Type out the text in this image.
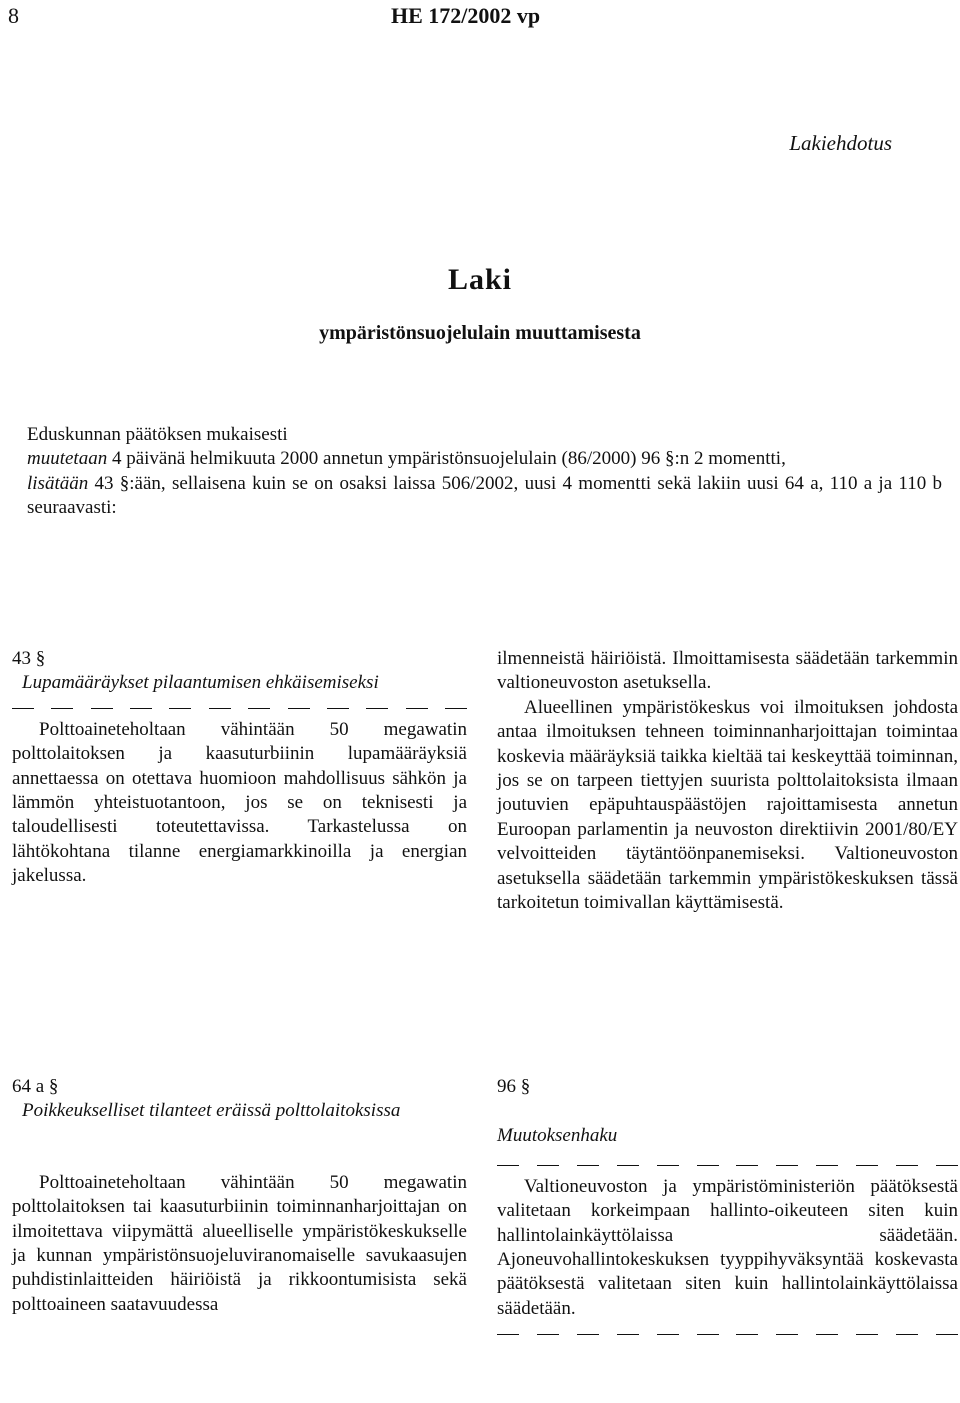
8	HE 172/2002 vp
Lakiehdotus
Laki
ympäristönsuojelulain muuttamisesta

Eduskunnan päätöksen mukaisesti

muutetaan 4 päivänä helmikuuta 2000 annetun ympäristönsuojelulain (86/2000) 96 §:n 2 momentti,

lisätään 43 §:ään, sellaisena kuin se on osaksi laissa 506/2002, uusi 4 momentti sekä lakiin uusi 64 a, 110 a ja 110 b seuraavasti:

43 §

Lupamääräykset pilaantumisen ehkäisemiseksi

Polttoaineteholtaan vähintään 50 megawatin polttolaitoksen ja kaasuturbiinin lupamääräyksiä annettaessa on otettava huomioon mahdollisuus sähkön ja lämmön yhteistuotantoon, jos se on teknisesti ja taloudellisesti toteutettavissa. Tarkastelussa on lähtökohtana tilanne energiamarkkinoilla ja energian jakelussa.

ilmenneistä häiriöistä. Ilmoittamisesta säädetään tarkemmin valtioneuvoston asetuksella.

Alueellinen ympäristökeskus voi ilmoituksen johdosta antaa ilmoituksen tehneen toiminnanharjoittajan toimintaa koskevia määräyksiä taikka kieltää tai keskeyttää toiminnan, jos se on tarpeen tiettyjen suurista polttolaitoksista ilmaan joutuvien epäpuhtauspäästöjen rajoittamisesta annetun Euroopan parlamentin ja neuvoston direktiivin 2001/80/EY velvoitteiden täytäntöönpanemiseksi. Valtioneuvoston asetuksella säädetään tarkemmin ympäristökeskuksen tässä tarkoitetun toimivallan käyttämisestä.

64 a §

Poikkeukselliset tilanteet eräissä polttolaitoksissa

Polttoaineteholtaan vähintään 50 megawatin polttolaitoksen tai kaasuturbiinin toiminnanharjoittajan on ilmoitettava viipymättä alueelliselle ympäristökeskukselle ja kunnan ympäristönsuojeluviranomaiselle savukaasujen puhdistinlaitteiden häiriöistä ja rikkoontumisista sekä polttoaineen saatavuudessa

96 §

Muutoksenhaku

Valtioneuvoston ja ympäristöministeriön päätöksestä valitetaan korkeimpaan hallinto-oikeuteen siten kuin hallintolainkäyttölaissa säädetään. Ajoneuvohallintokeskuksen tyyppihyväksyntää koskevasta päätöksestä valitetaan siten kuin hallintolainkäyttölaissa säädetään.
